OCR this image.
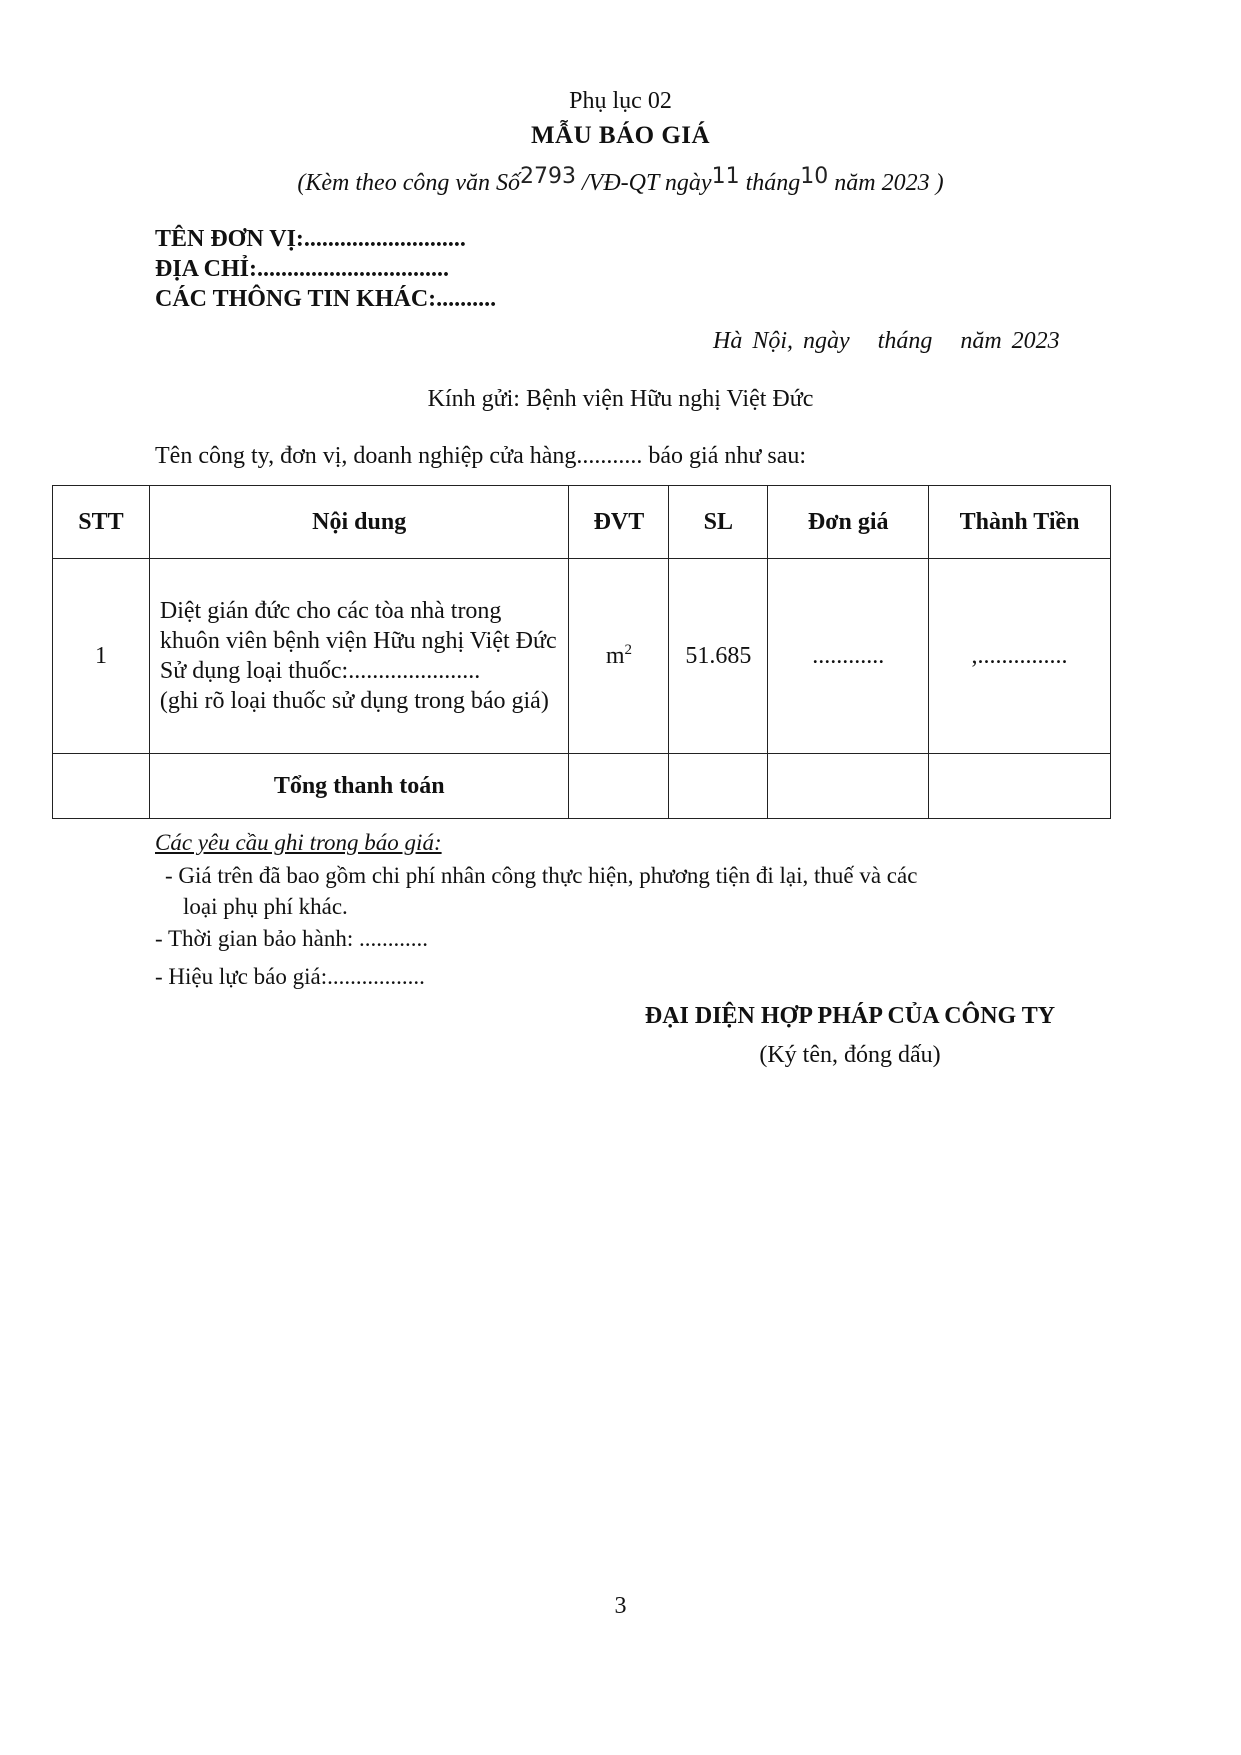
Phụ lục 02
MẪU BÁO GIÁ
(Kèm theo công văn Số2793 /VĐ-QT ngày11 tháng10 năm 2023 )
TÊN ĐƠN VỊ:...........................
ĐỊA CHỈ:................................
CÁC THÔNG TIN KHÁC:..........
Hà Nội, ngày tháng năm 2023
Kính gửi: Bệnh viện Hữu nghị Việt Đức
Tên công ty, đơn vị, doanh nghiệp cửa hàng........... báo giá như sau:
STT	Nội dung	ĐVT	SL	Đơn giá	Thành Tiền
1	Diệt gián đức cho các tòa nhà trong khuôn viên bệnh viện Hữu nghị Việt Đức
Sử dụng loại thuốc:......................
(ghi rõ loại thuốc sử dụng trong báo giá)	$m^2$	51.685	............	,...............
	Tổng thanh toán				
Các yêu cầu ghi trong báo giá:
- Giá trên đã bao gồm chi phí nhân công thực hiện, phương tiện đi lại, thuế và các
loại phụ phí khác.
- Thời gian bảo hành: ............
- Hiệu lực báo giá:.................
ĐẠI DIỆN HỢP PHÁP CỦA CÔNG TY
(Ký tên, đóng dấu)
3
